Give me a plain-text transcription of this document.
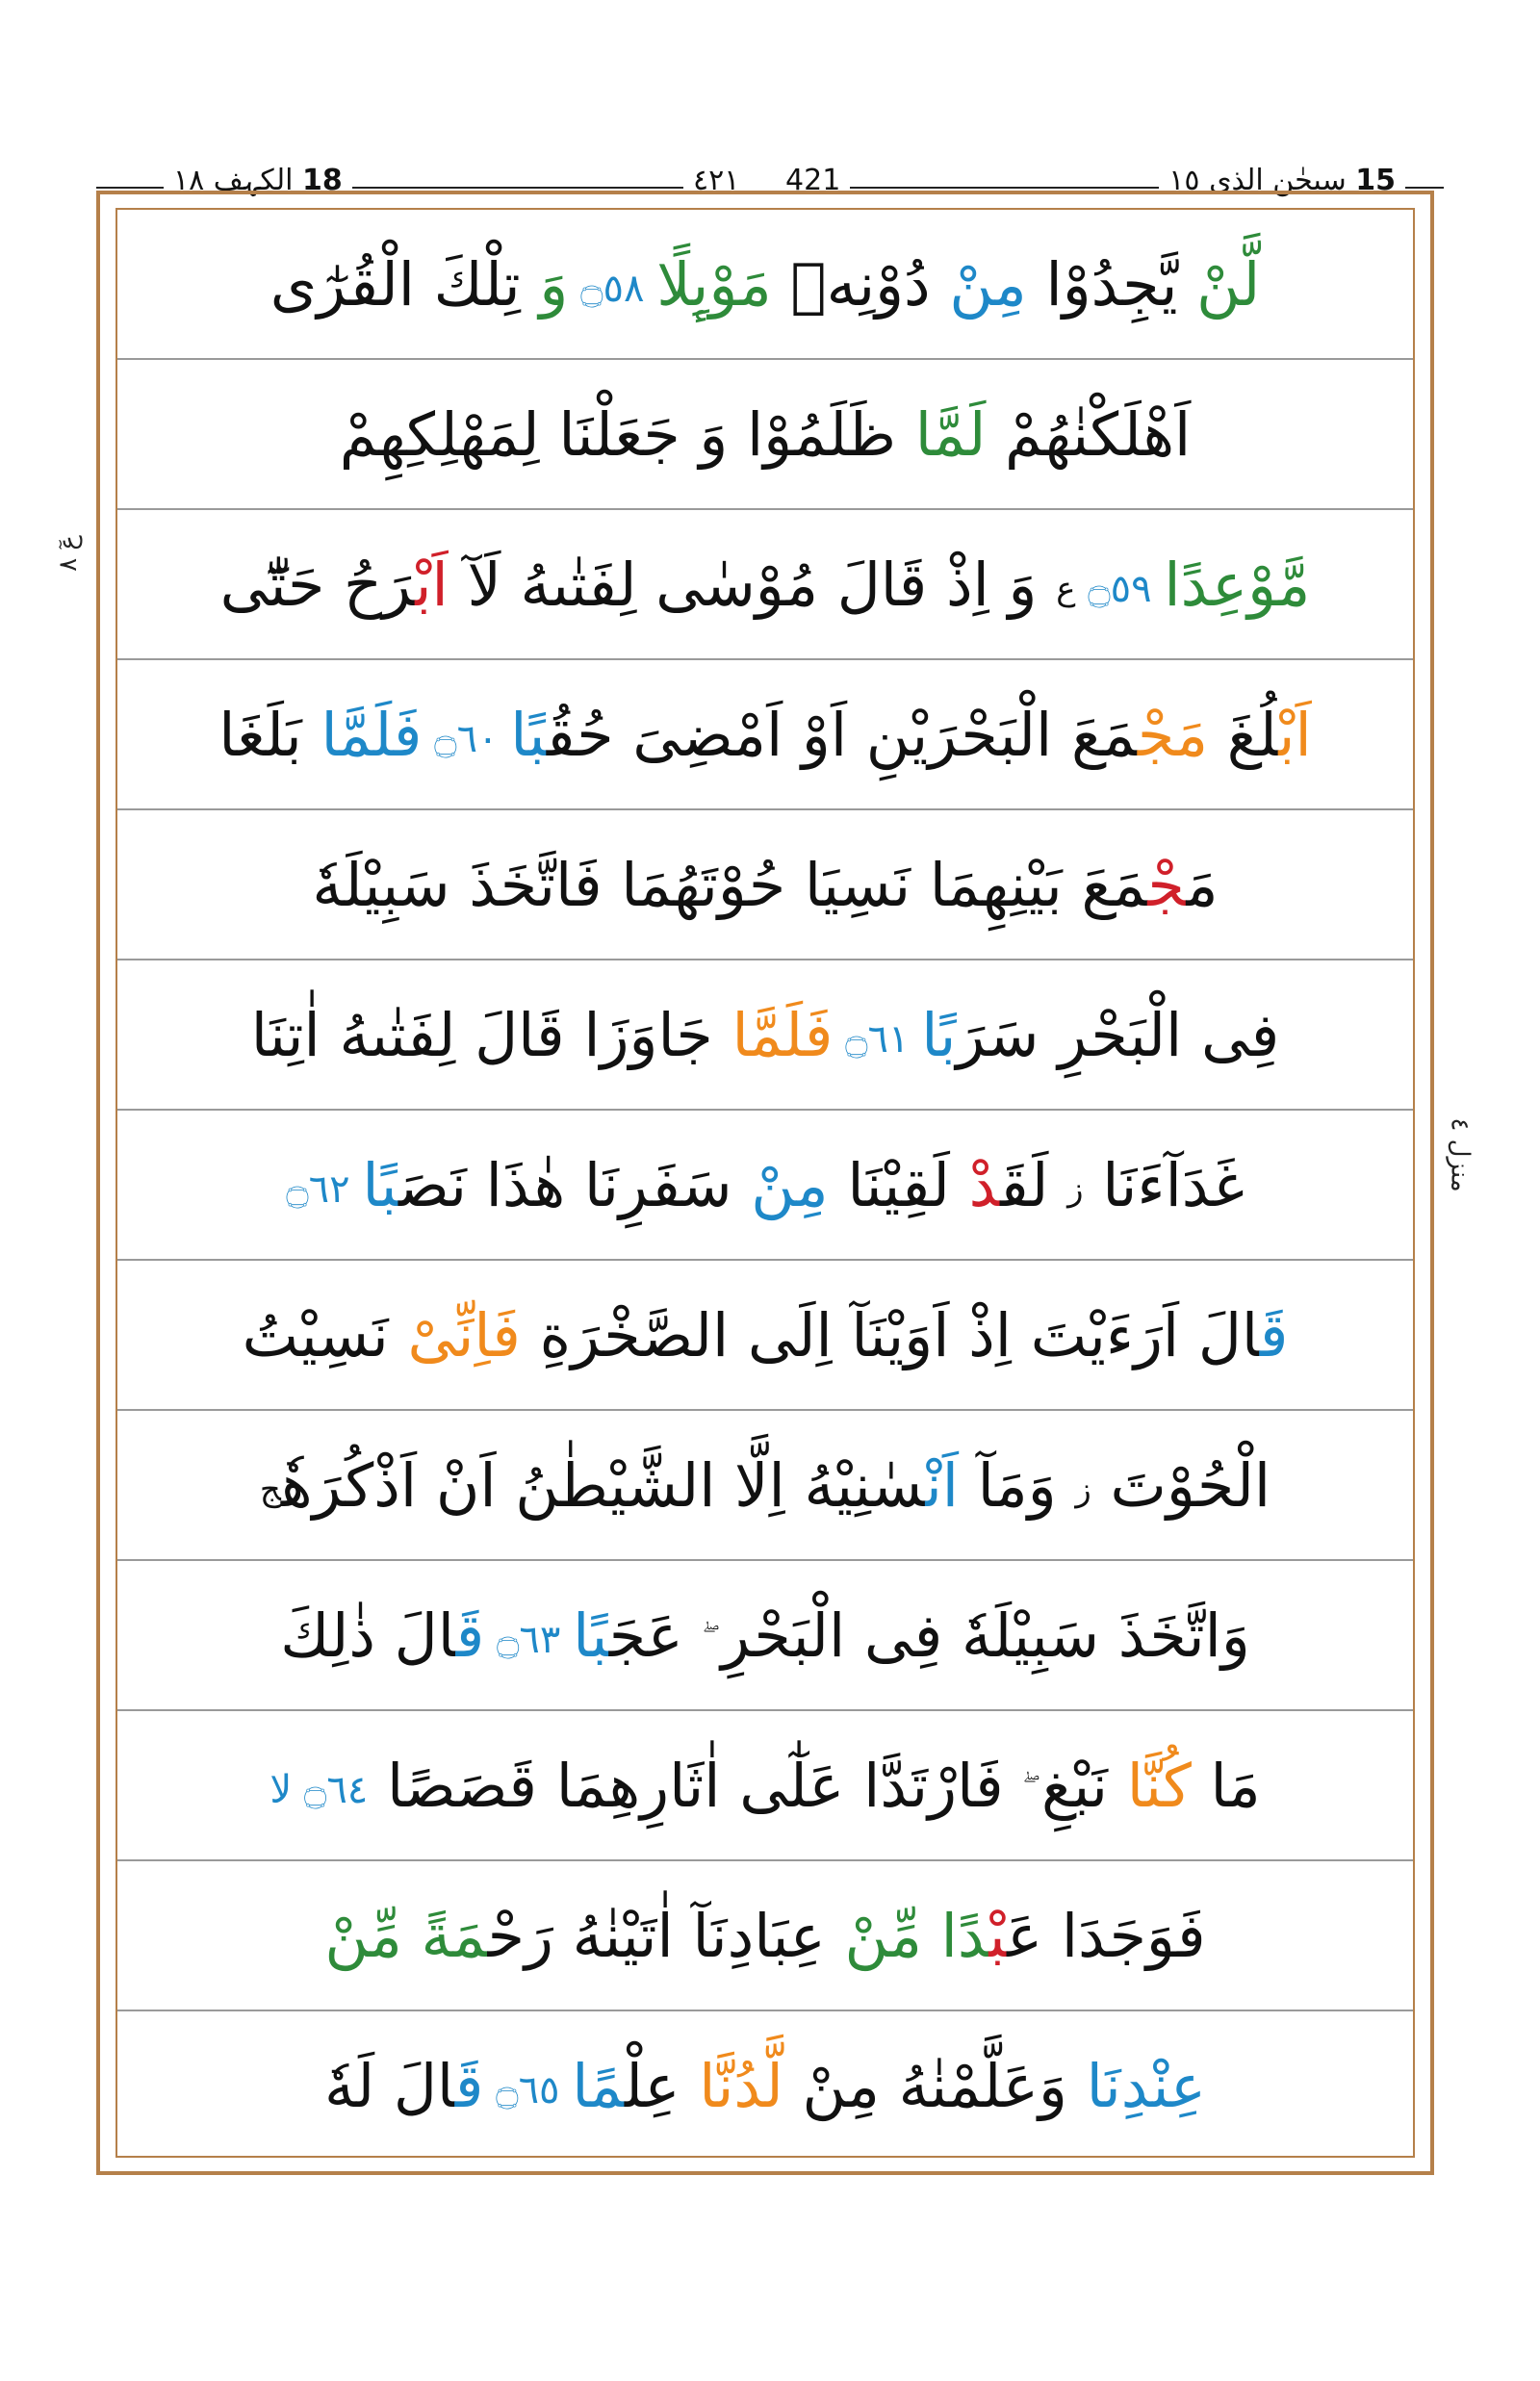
18 الکہف ١٨	٤٢١ 421	15 سبحٰن الذی ١٥
عٓ ٨
منزل ٤
لَّنْ يَّجِدُوْا مِنْ دُوْنِهٖ مَوْىِٕلًا ۝٥٨ وَ تِلْكَ الْقُرٰٓى
اَهْلَكْنٰهُمْ لَمَّا ظَلَمُوْا وَ جَعَلْنَا لِمَهْلِكِهِمْ
مَّوْعِدًا ۝٥٩ ع وَ اِذْ قَالَ مُوْسٰى لِفَتٰىهُ لَآ اَبْرَحُ حَتّٰٓى
اَبْلُغَ مَجْمَعَ الْبَحْرَيْنِ اَوْ اَمْضِىَ حُقُبًا ۝٦٠ فَلَمَّا بَلَغَا
مَجْمَعَ بَيْنِهِمَا نَسِيَا حُوْتَهُمَا فَاتَّخَذَ سَبِيْلَهٗ
فِى الْبَحْرِ سَرَبًا ۝٦١ فَلَمَّا جَاوَزَا قَالَ لِفَتٰىهُ اٰتِنَا
غَدَآءَنَا ز لَقَدْ لَقِيْنَا مِنْ سَفَرِنَا هٰذَا نَصَبًا ۝٦٢
قَالَ اَرَءَيْتَ اِذْ اَوَيْنَآ اِلَى الصَّخْرَةِ فَاِنِّىْ نَسِيْتُ
الْحُوْتَ ز وَمَآ اَنْسٰنِيْهُ اِلَّا الشَّيْطٰنُ اَنْ اَذْكُرَهٗج
وَاتَّخَذَ سَبِيْلَهٗ فِى الْبَحْرِ عَجَبًا ۝٦٣ قَالَ ذٰلِكَ
مَا كُنَّا نَبْغِ فَارْتَدَّا عَلٰٓى اٰثَارِهِمَا قَصَصًا ۝٦٤ لا
فَوَجَدَا عَبْدًا مِّنْ عِبَادِنَآ اٰتَيْنٰهُ رَحْمَةً مِّنْ
عِنْدِنَا وَعَلَّمْنٰهُ مِنْ لَّدُنَّا عِلْمًا ۝٦٥ قَالَ لَهٗ
